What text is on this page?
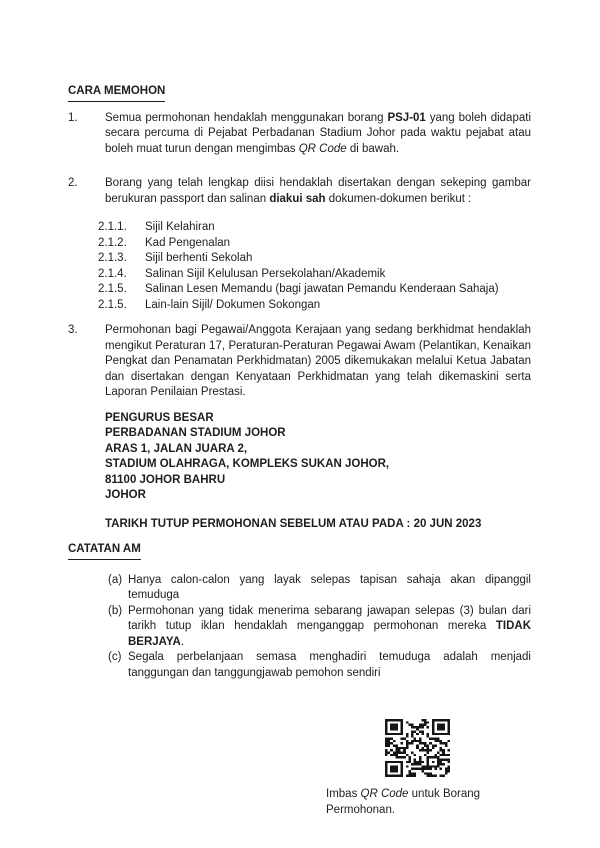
CARA MEMOHON
1.	Semua permohonan hendaklah menggunakan borang PSJ-01 yang boleh didapati secara percuma di Pejabat Perbadanan Stadium Johor pada waktu pejabat atau boleh muat turun dengan mengimbas QR Code di bawah.
2.	Borang yang telah lengkap diisi hendaklah disertakan dengan sekeping gambar berukuran passport dan salinan diakui sah dokumen-dokumen berikut :
2.1.1.	Sijil Kelahiran
2.1.2.	Kad Pengenalan
2.1.3.	Sijil berhenti Sekolah
2.1.4.	Salinan Sijil Kelulusan Persekolahan/Akademik
2.1.5.	Salinan Lesen Memandu (bagi jawatan Pemandu Kenderaan Sahaja)
2.1.5.	Lain-lain Sijil/ Dokumen Sokongan
3.	Permohonan bagi Pegawai/Anggota Kerajaan yang sedang berkhidmat hendaklah mengikut Peraturan 17, Peraturan-Peraturan Pegawai Awam (Pelantikan, Kenaikan Pengkat dan Penamatan Perkhidmatan) 2005 dikemukakan melalui Ketua Jabatan dan disertakan dengan Kenyataan Perkhidmatan yang telah dikemaskini serta Laporan Penilaian Prestasi.
PENGURUS BESAR
PERBADANAN STADIUM JOHOR
ARAS 1, JALAN JUARA 2,
STADIUM OLAHRAGA, KOMPLEKS SUKAN JOHOR,
81100 JOHOR BAHRU
JOHOR
TARIKH TUTUP PERMOHONAN SEBELUM ATAU PADA : 20 JUN 2023
CATATAN AM
(a) Hanya calon-calon yang layak selepas tapisan sahaja akan dipanggil temuduga
(b) Permohonan yang tidak menerima sebarang jawapan selepas (3) bulan dari tarikh tutup iklan hendaklah menganggap permohonan mereka TIDAK BERJAYA.
(c) Segala perbelanjaan semasa menghadiri temuduga adalah menjadi tanggungan dan tanggungjawab pemohon sendiri
Imbas QR Code untuk Borang Permohonan.
